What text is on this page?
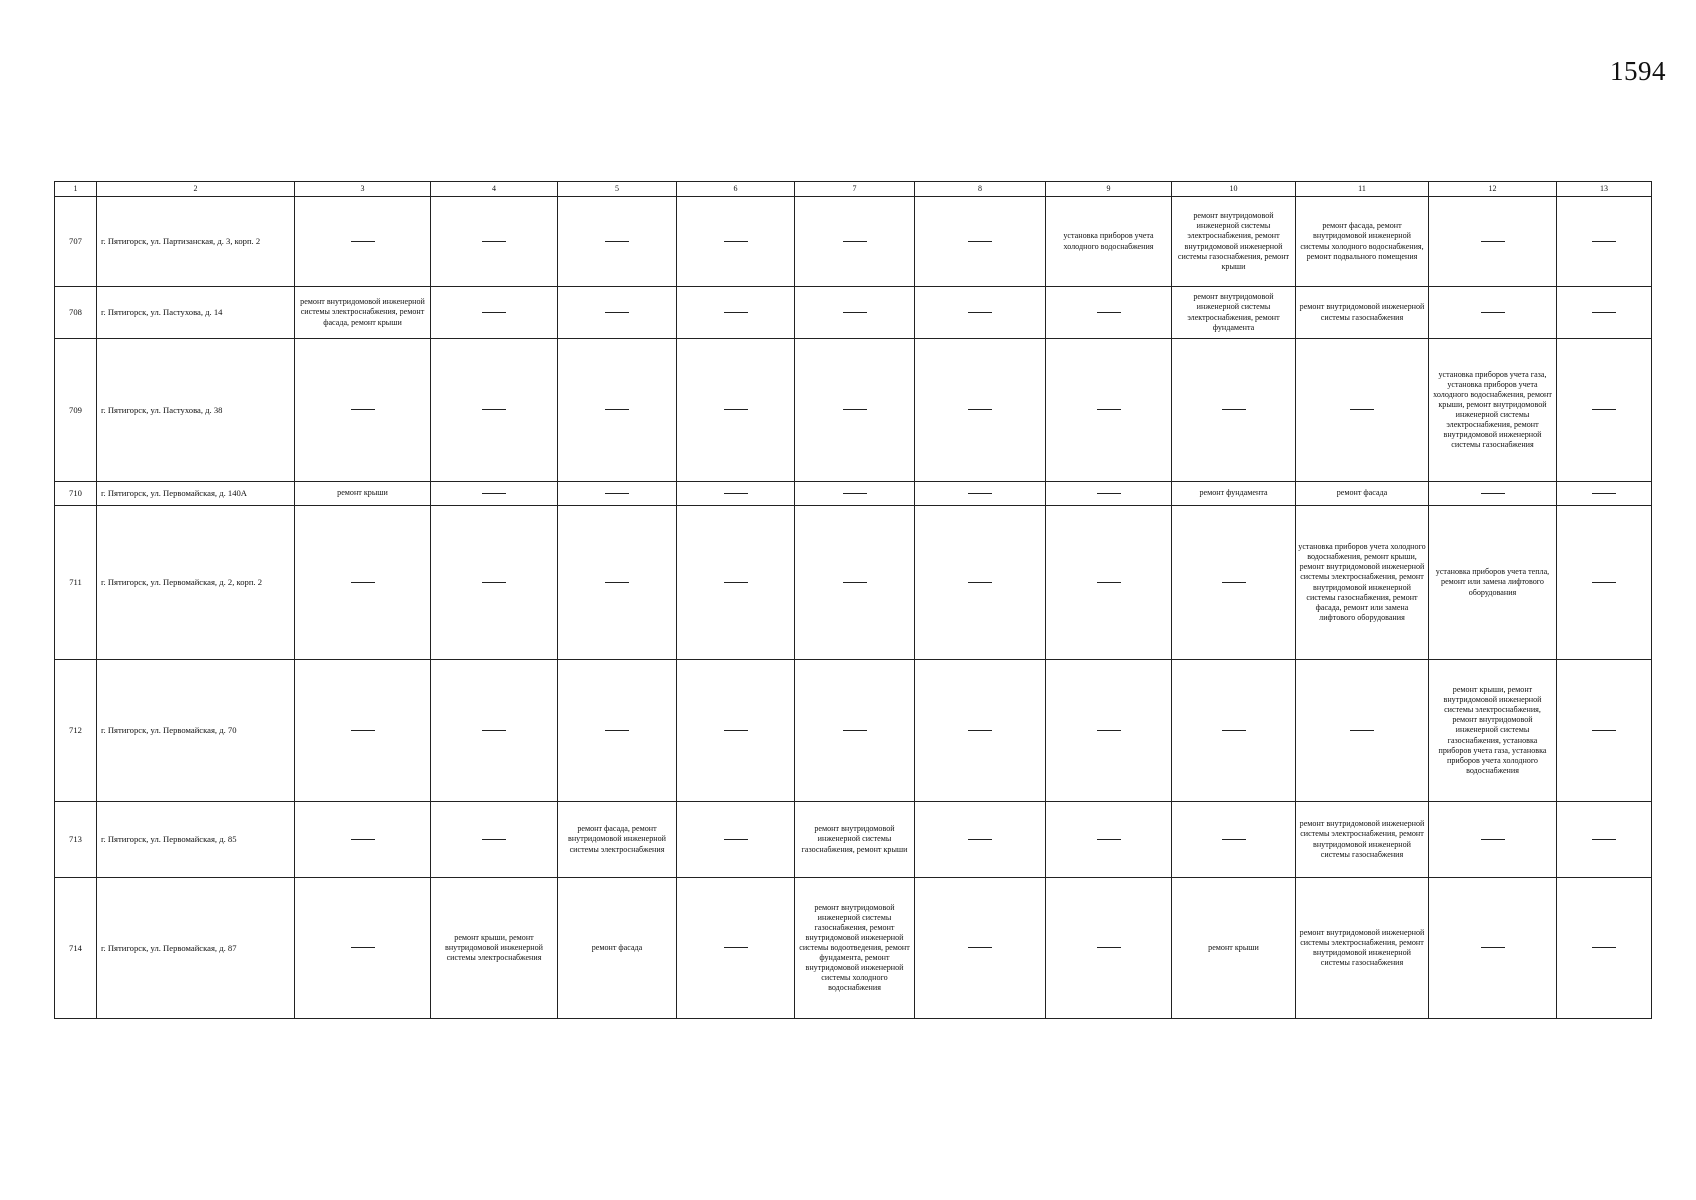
1594
1	2	3	4	5	6	7	8	9	10	11	12	13
707	г. Пятигорск, ул. Партизанская, д. 3, корп. 2							установка приборов учета холодного водоснабжения	ремонт внутридомовой инженерной системы электроснабжения, ремонт внутридомовой инженерной системы газоснабжения, ремонт крыши	ремонт фасада, ремонт внутридомовой инженерной системы холодного водоснабжения, ремонт подвального помещения		
708	г. Пятигорск, ул. Пастухова, д. 14	ремонт внутридомовой инженерной системы электроснабжения, ремонт фасада, ремонт крыши							ремонт внутридомовой инженерной системы электроснабжения, ремонт фундамента	ремонт внутридомовой инженерной системы газоснабжения		
709	г. Пятигорск, ул. Пастухова, д. 38										установка приборов учета газа, установка приборов учета холодного водоснабжения, ремонт крыши, ремонт внутридомовой инженерной системы электроснабжения, ремонт внутридомовой инженерной системы газоснабжения	
710	г. Пятигорск, ул. Первомайская, д. 140А	ремонт крыши							ремонт фундамента	ремонт фасада		
711	г. Пятигорск, ул. Первомайская, д. 2, корп. 2									установка приборов учета холодного водоснабжения, ремонт крыши, ремонт внутридомовой инженерной системы электроснабжения, ремонт внутридомовой инженерной системы газоснабжения, ремонт фасада, ремонт или замена лифтового оборудования	установка приборов учета тепла, ремонт или замена лифтового оборудования	
712	г. Пятигорск, ул. Первомайская, д. 70										ремонт крыши, ремонт внутридомовой инженерной системы электроснабжения, ремонт внутридомовой инженерной системы газоснабжения, установка приборов учета газа, установка приборов учета холодного водоснабжения	
713	г. Пятигорск, ул. Первомайская, д. 85			ремонт фасада, ремонт внутридомовой инженерной системы электроснабжения		ремонт внутридомовой инженерной системы газоснабжения, ремонт крыши				ремонт внутридомовой инженерной системы электроснабжения, ремонт внутридомовой инженерной системы газоснабжения		
714	г. Пятигорск, ул. Первомайская, д. 87		ремонт крыши, ремонт внутридомовой инженерной системы электроснабжения	ремонт фасада		ремонт внутридомовой инженерной системы газоснабжения, ремонт внутридомовой инженерной системы водоотведения, ремонт фундамента, ремонт внутридомовой инженерной системы холодного водоснабжения			ремонт крыши	ремонт внутридомовой инженерной системы электроснабжения, ремонт внутридомовой инженерной системы газоснабжения		
